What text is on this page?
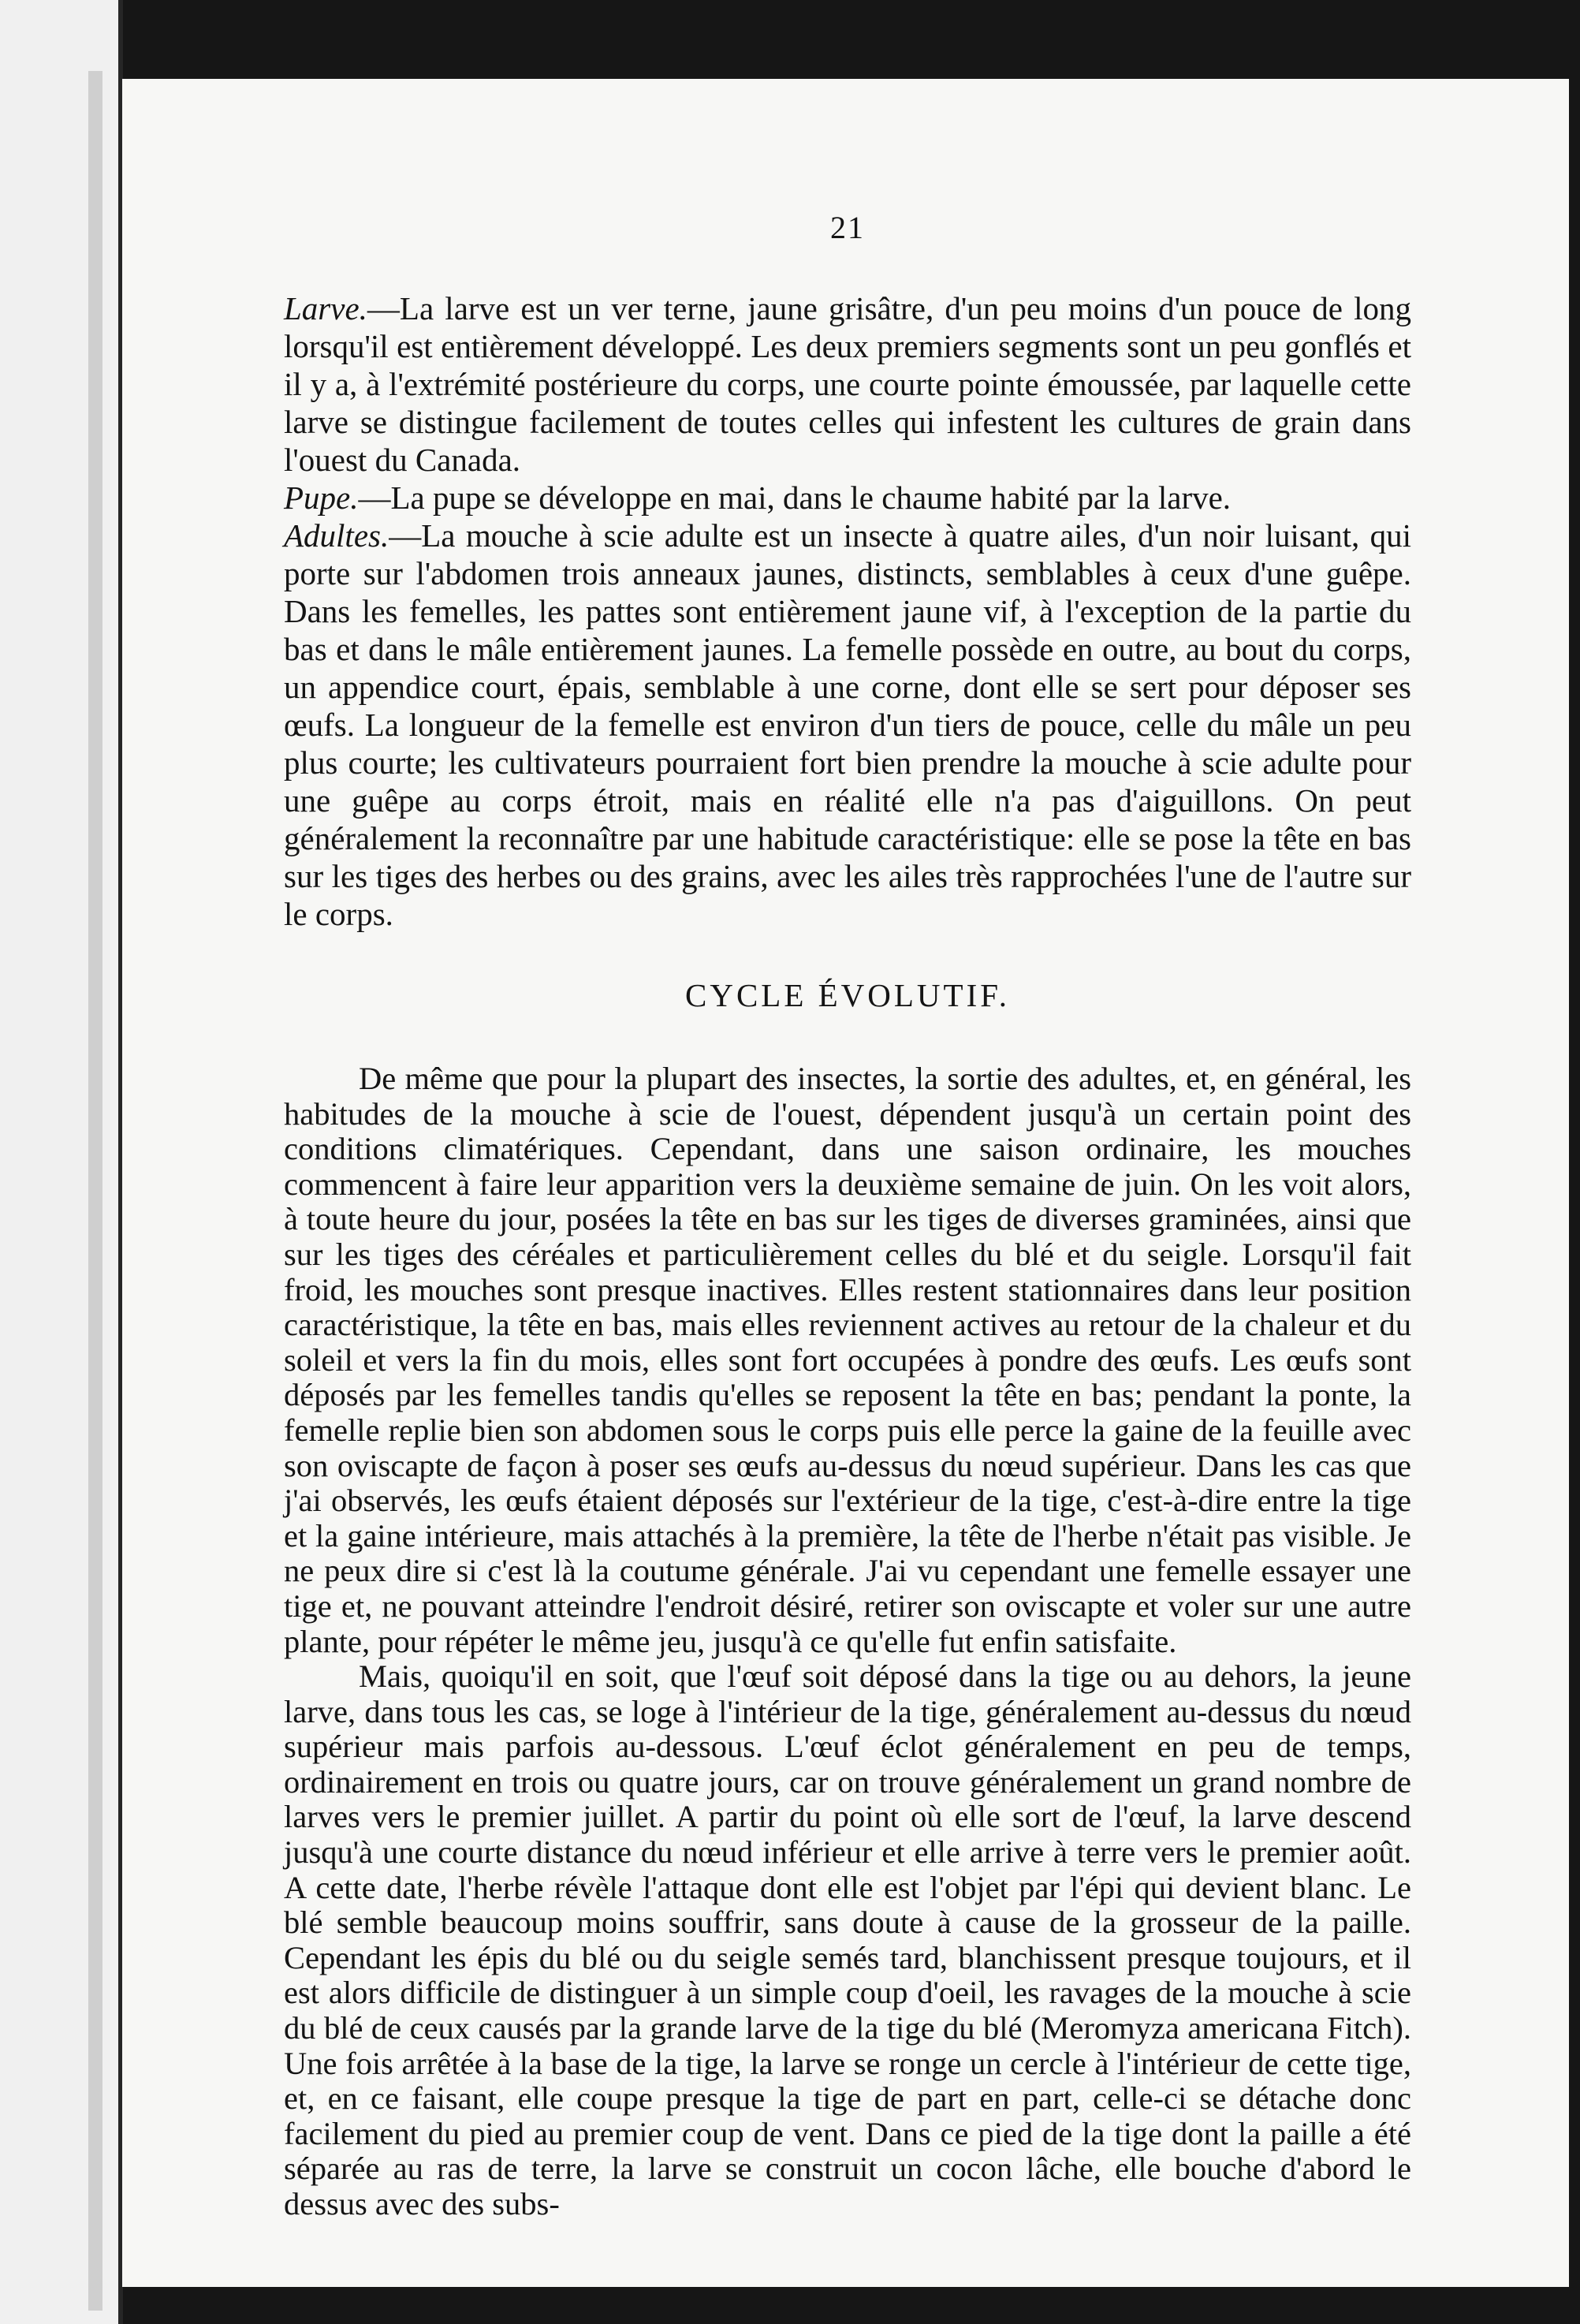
21

Larve.—La larve est un ver terne, jaune grisâtre, d'un peu moins d'un pouce de long lorsqu'il est entièrement développé. Les deux premiers segments sont un peu gonflés et il y a, à l'extrémité postérieure du corps, une courte pointe émoussée, par laquelle cette larve se distingue facilement de toutes celles qui infestent les cultures de grain dans l'ouest du Canada.

Pupe.—La pupe se développe en mai, dans le chaume habité par la larve.

Adultes.—La mouche à scie adulte est un insecte à quatre ailes, d'un noir luisant, qui porte sur l'abdomen trois anneaux jaunes, distincts, semblables à ceux d'une guêpe. Dans les femelles, les pattes sont entièrement jaune vif, à l'exception de la partie du bas et dans le mâle entièrement jaunes. La femelle possède en outre, au bout du corps, un appendice court, épais, semblable à une corne, dont elle se sert pour déposer ses œufs. La longueur de la femelle est environ d'un tiers de pouce, celle du mâle un peu plus courte; les cultivateurs pourraient fort bien prendre la mouche à scie adulte pour une guêpe au corps étroit, mais en réalité elle n'a pas d'aiguillons. On peut généralement la reconnaître par une habitude caractéristique: elle se pose la tête en bas sur les tiges des herbes ou des grains, avec les ailes très rapprochées l'une de l'autre sur le corps.

CYCLE ÉVOLUTIF.

De même que pour la plupart des insectes, la sortie des adultes, et, en général, les habitudes de la mouche à scie de l'ouest, dépendent jusqu'à un certain point des conditions climatériques. Cependant, dans une saison ordinaire, les mouches commencent à faire leur apparition vers la deuxième semaine de juin. On les voit alors, à toute heure du jour, posées la tête en bas sur les tiges de diverses graminées, ainsi que sur les tiges des céréales et particulièrement celles du blé et du seigle. Lorsqu'il fait froid, les mouches sont presque inactives. Elles restent stationnaires dans leur position caractéristique, la tête en bas, mais elles reviennent actives au retour de la chaleur et du soleil et vers la fin du mois, elles sont fort occupées à pondre des œufs. Les œufs sont déposés par les femelles tandis qu'elles se reposent la tête en bas; pendant la ponte, la femelle replie bien son abdomen sous le corps puis elle perce la gaine de la feuille avec son oviscapte de façon à poser ses œufs au-dessus du nœud supérieur. Dans les cas que j'ai observés, les œufs étaient déposés sur l'extérieur de la tige, c'est-à-dire entre la tige et la gaine intérieure, mais attachés à la première, la tête de l'herbe n'était pas visible. Je ne peux dire si c'est là la coutume générale. J'ai vu cependant une femelle essayer une tige et, ne pouvant atteindre l'endroit désiré, retirer son oviscapte et voler sur une autre plante, pour répéter le même jeu, jusqu'à ce qu'elle fut enfin satisfaite.

Mais, quoiqu'il en soit, que l'œuf soit déposé dans la tige ou au dehors, la jeune larve, dans tous les cas, se loge à l'intérieur de la tige, généralement au-dessus du nœud supérieur mais parfois au-dessous. L'œuf éclot généralement en peu de temps, ordinairement en trois ou quatre jours, car on trouve généralement un grand nombre de larves vers le premier juillet. A partir du point où elle sort de l'œuf, la larve descend jusqu'à une courte distance du nœud inférieur et elle arrive à terre vers le premier août. A cette date, l'herbe révèle l'attaque dont elle est l'objet par l'épi qui devient blanc. Le blé semble beaucoup moins souffrir, sans doute à cause de la grosseur de la paille. Cependant les épis du blé ou du seigle semés tard, blanchissent presque toujours, et il est alors difficile de distinguer à un simple coup d'oeil, les ravages de la mouche à scie du blé de ceux causés par la grande larve de la tige du blé (Meromyza americana Fitch). Une fois arrêtée à la base de la tige, la larve se ronge un cercle à l'intérieur de cette tige, et, en ce faisant, elle coupe presque la tige de part en part, celle-ci se détache donc facilement du pied au premier coup de vent. Dans ce pied de la tige dont la paille a été séparée au ras de terre, la larve se construit un cocon lâche, elle bouche d'abord le dessus avec des subs-
